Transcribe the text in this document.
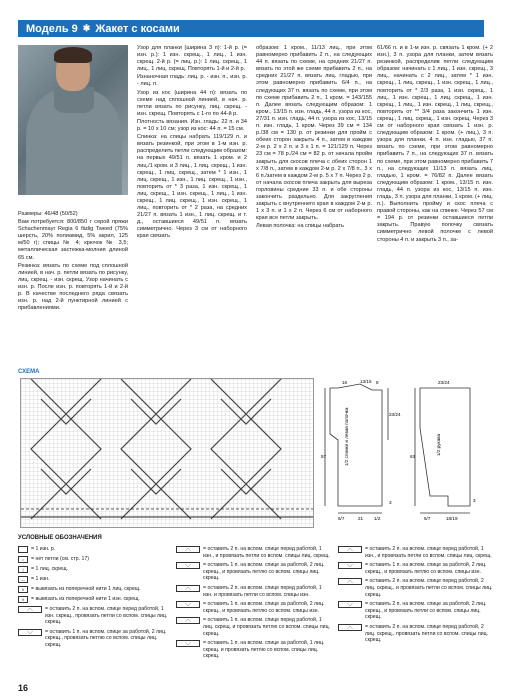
Модель 9 ✱ Жакет с косами

Размеры: 46/48 (50/52)

Вам потребуется: 800/850 г серой пряжи Schachenmayr Regia 6 fädig Tweed (75% шерсть, 20% полиамид, 5% акрил, 125 м/50 г); спицы № 4; крючок № 3,5; металлическая застежка-молния длиной 65 см.

Резинка: вязать по схеме под сплошной линией, в нач. р. петли вязать по рисунку, лиц. скрещ. - изн. скрещ. Узор начинать с изн. р. После изн. р. повторять 1-й и 2-й р. В качестве последнего ряда связать изн. р. над 2-й пунктирной линией с прибавлениями.

Узор для планки (ширина 3 п): 1-й р. (= изн. р.): 1 изн. скрещ., 1 лиц., 1 изн. скрещ. 2-й р. (= лиц. р.): 1 лиц. скрещ., 1 лиц., 1 лиц. скрещ. Повторять 1-й и 2-й р.

Изнаночная гладь: лиц. р. - изн. п., изн. р. - лиц. п.

Узор из кос (ширина 44 п): вязать по схеме над сплошной линией, в нач. р. петли вязать по рисунку, лиц. скрещ. - изн. скрещ. Повторять с 1-го по 44-й р.

Плотность вязания. Изн. гладь: 22 п. и 34 р. = 10 х 10 см; узор из кос: 44 п. = 15 см.

Спинка: на спицы набрать 119/129 п. и вязать резинкой, при этом в 1-м изн. р. распределить петли следующим образом: на первых 49/51 п. вязать 1 кром. и 2 лиц./1 кром. и 3 лиц., 1 лиц. скрещ., 1 изн. скрещ., 1 лиц. скрещ., затем * 1 изн., 1 лиц. скрещ., 1 изн., 1 лиц. скрещ., 1 изн., повторить от * 3 раза, 1 изн. скрещ., 1 лиц. скрещ., 1 изн. скрещ., 1 лиц., 1 изн. скрещ., 1 лиц. скрещ., 1 изн. скрещ., 1 лиц., повторить от * 2 раза, на средних 21/27 п. вязать 1 изн., 1 лиц. скрещ. и т. д., оставшиеся 49/51 п. вязать симметрично. Через 3 см от наборного края связать

образом: 1 кром., 11/13 лиц., при этом равномерно прибавить 2 п., на следующих 44 п. вязать по схеме, на средних 21/27 п. вязать по этой же схеме прибавить 2 п., на средних 21/27 п. вязать лиц. гладью, при этом равномерно прибавить 6/4 п., на следующих 37 п. вязать по схеме, при этом по схеме прибавить 2 п., 1 кром. = 143/155 п. Далее вязать следующим образом: 1 кром., 13/15 п. изн. гладь, 44 п. узора из кос, 27/31 п. изн. гладь, 44 п. узора из кос, 13/15 п. изн. гладь, 1 кром. Через 39 см = 134 р./38 см = 130 р. от резинки для пройм с обеих сторон закрыть 4 п., затем в каждом 2-м р. 2 х 2 п. и 3 х 1 п. = 121/129 п. Через 23 см = 78 р./24 см = 82 р. от начала пройм закрыть для скосов плеча с обеих сторон 1 х 7/8 п., затем в каждом 2-м р. 2 х 7/8 п., 3 х 6 п./затем в каждом 2-м р. 5 х 7 п. Через 2 р. от начала скосов плеча закрыть для выреза горловины средние 33 п. и обе стороны закончить раздельно. Для закругления закрыть с внутреннего края в каждом 2-м р. 1 х 3 п. и 1 х 2 п. Через 6 см от наборного края все петли закрыть.

Левая полочка: на спицы набрать

61/66 п. и в 1-м изн. р. связать 1 кром. (+ 2 изн.), 3 п. узора для планки, затем вязать резинкой, распределив петли следующим образом: начинать с 1 лиц., 1 изн. скрещ., 3 лиц., начинать с 2 лиц., затем * 1 изн. скрещ., 1 лиц. скрещ., 1 изн. скрещ., 1 лиц., повторить от * 2/3 раза, 1 изн. скрещ., 1 лиц., 1 изн. скрещ., 1 лиц. скрещ., 1 изн. скрещ., 1 лиц., 1 изн. скрещ., 1 лиц. скрещ., повторить от ** 3/4 раза закончить 1 изн. скрещ., 1 лиц. скрещ., 1 изн. скрещ. Через 3 см от наборного края связать 1 изн. р. следующим образом: 1 кром. (+ лиц.), 3 п. узора для планки, 4 п. изн. гладью, 37 п. вязать по схеме, при этом равномерно прибавить 7 п., на следующих 37 п. вязать по схеме, при этом равномерно прибавить 7 п., на следующих 11/13 п. вязать лиц. гладью, 1 кром. = 76/82 п. Далее вязать следующим образом: 1 кром., 13/15 п. изн. гладь, 44 п. узора из кос, 13/15 п. изн. гладь, 3 п. узора для планки, 1 кром. (+ лиц. п.). Выполнить пройму и скос плеча с правой стороны, как на спинке. Через 57 см = 194 р. от резинки оставшиеся петли закрыть. Правую полочку связать симметрично левой полочке с левой стороны 4 п. и закрыть 3 п., за-

СХЕМА
1/2 спинки и левая полочка	1/2 рукава
13/15
16	8
57
23/24
3
6/7	21 1/2
23/24
63
3
6/7	18/19
УСЛОВНЫЕ ОБОЗНАЧЕНИЯ
= 1 изн. р.
•	= нет петли (см. стр. 17)
|	= 1 лиц. скрещ.
—	= 1 изн.
⋎	= вывязать из поперечной нити 1 лиц. скрещ.
⋎	= вывязать из поперечной нити 1 изн. скрещ.
⟋⟍	= оставить 2 п. на вспом. спице перед работой, 1 изн. скрещ., провязать петли со вспом. спицы лиц. скрещ.
⟍⟋	= оставить 1 п. на вспом. спице за работой, 2 лиц. скрещ., провязать петлю со вспом. спицы лиц. скрещ.
⟋⟍	= оставить 2 п. на вспом. спице перед работой, 1 изн., и провязать петли со вспом. спицы лиц. скрещ.
⟍⟋	= оставить 1 п. на вспом. спице за работой, 2 лиц. скрещ., и провязать петлю со вспом. спицы лиц. скрещ.
⟋⟍	= оставить 2 п. на вспом. спице перед работой, 1 изн. и провязать петли со вспом. спицы изн.
⟍⟋	= оставить 1 п. на вспом. спице за работой, 2 лиц. скрещ., и провязать петлю со вспом. спицы изн.
⟋⟍	= оставить 1 п. на вспом. спице перед работой, 1 лиц. скрещ. и провязать петлю со вспом. спицы лиц. скрещ.
⟍⟋	= оставить 1 п. на вспом. спице за работой, 1 лиц. скрещ. и провязать петлю со вспом. спицы лиц. скрещ.
⟋⟍	= оставить 2 п. на вспом. спице перед работой, 1 изн., и провязать петли со вспом. спицы лиц. скрещ.
⟍⟋	= оставить 1 п. на вспом. спице за работой, 2 лиц. скрещ., и провязать петлю со вспом. спицы изн.
⟋⟍	= оставить 2 п. на вспом. спице перед работой, 2 лиц. скрещ., и провязать петли со вспом. спицы лиц. скрещ.
⟍⟋	= оставить 2 п. на вспом. спице за работой, 2 лиц. скрещ., и провязать петли со вспом. спицы лиц. скрещ.
⟋⟍	= оставить 2 п. на вспом. спице перед работой, 2 лиц. скрещ., провязать петли со вспом. спицы лиц. скрещ.
16
